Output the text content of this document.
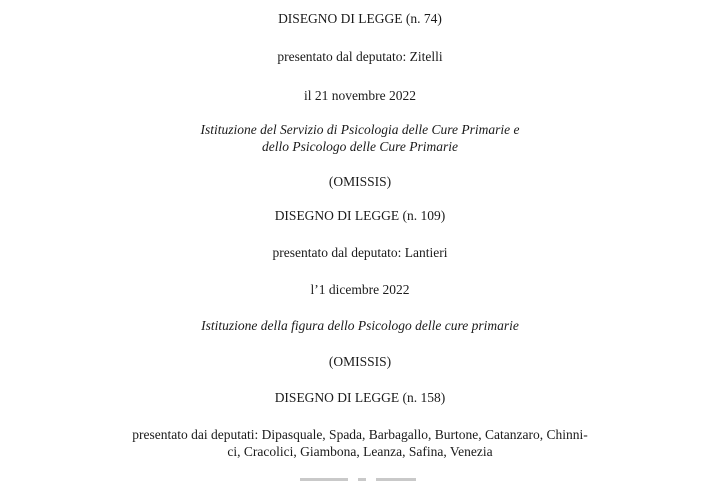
DISEGNO DI LEGGE (n. 74)
presentato dal deputato: Zitelli
il 21 novembre 2022
Istituzione del Servizio di Psicologia delle Cure Primarie e
dello Psicologo delle Cure Primarie
(OMISSIS)
DISEGNO DI LEGGE (n. 109)
presentato dal deputato: Lantieri
l’1 dicembre 2022
Istituzione della figura dello Psicologo delle cure primarie
(OMISSIS)
DISEGNO DI LEGGE (n. 158)
presentato dai deputati: Dipasquale, Spada, Barbagallo, Burtone, Catanzaro, Chinni-
ci, Cracolici, Giambona, Leanza, Safina, Venezia
